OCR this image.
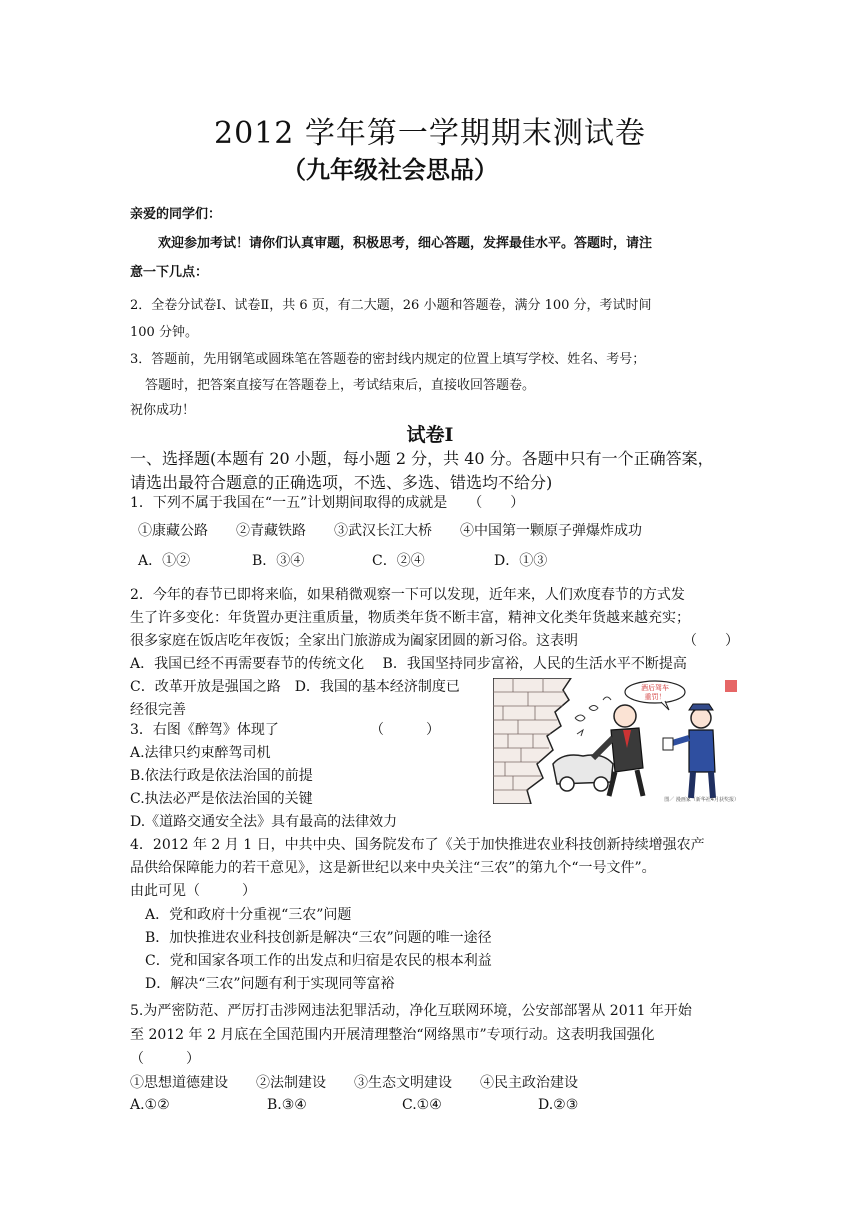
2012 学年第一学期期末测试卷
（九年级社会思品）
亲爱的同学们：
欢迎参加考试！请你们认真审题，积极思考，细心答题，发挥最佳水平。答题时，请注
意一下几点：
2．全卷分试卷Ⅰ、试卷Ⅱ，共 6 页，有二大题，26 小题和答题卷，满分 100 分，考试时间
100 分钟。
3．答题前，先用钢笔或圆珠笔在答题卷的密封线内规定的位置上填写学校、姓名、考号；
答题时，把答案直接写在答题卷上，考试结束后，直接收回答题卷。
祝你成功！
试卷Ⅰ
一、选择题(本题有 20 小题，每小题 2 分，共 40 分。各题中只有一个正确答案，
请选出最符合题意的正确选项，不选、多选、错选均不给分)
1．下列不属于我国在“一五”计划期间取得的成就是　　（　　）
①康藏公路　　②青藏铁路　　③武汉长江大桥　　④中国第一颗原子弹爆炸成功
A．①②	B．③④	C．②④	D．①③
2．今年的春节已即将来临，如果稍微观察一下可以发现，近年来，人们欢度春节的方式发
生了许多变化：年货置办更注重质量，物质类年货不断丰富，精神文化类年货越来越充实；
很多家庭在饭店吃年夜饭；全家出门旅游成为阖家团圆的新习俗。这表明	（　　）
A．我国已经不再需要春节的传统文化　 B．我国坚持同步富裕，人民的生活水平不断提高
C．改革开放是强国之路　D．我国的基本经济制度已
经很完善
3．右图《醉驾》体现了	（　　　）
A.法律只约束醉驾司机
B.依法行政是依法治国的前提
C.执法必严是依法治国的关键
D.《道路交通安全法》具有最高的法律效力
酒后驾车
重罚！
图／ 漫画家（新华社4月获奖报）
4．2012 年 2 月 1 日，中共中央、国务院发布了《关于加快推进农业科技创新持续增强农产
品供给保障能力的若干意见》，这是新世纪以来中央关注“三农”的第九个“一号文件”。
由此可见（　　　）
A．党和政府十分重视“三农”问题
B．加快推进农业科技创新是解决“三农”问题的唯一途径
C．党和国家各项工作的出发点和归宿是农民的根本利益
D．解决“三农”问题有利于实现同等富裕
5.为严密防范、严厉打击涉网违法犯罪活动，净化互联网环境，公安部部署从 2011 年开始
至 2012 年 2 月底在全国范围内开展清理整治“网络黑市”专项行动。这表明我国强化
（　　　）
①思想道德建设　　②法制建设　　③生态文明建设　　④民主政治建设
A.①②	B.③④	C.①④	D.②③
